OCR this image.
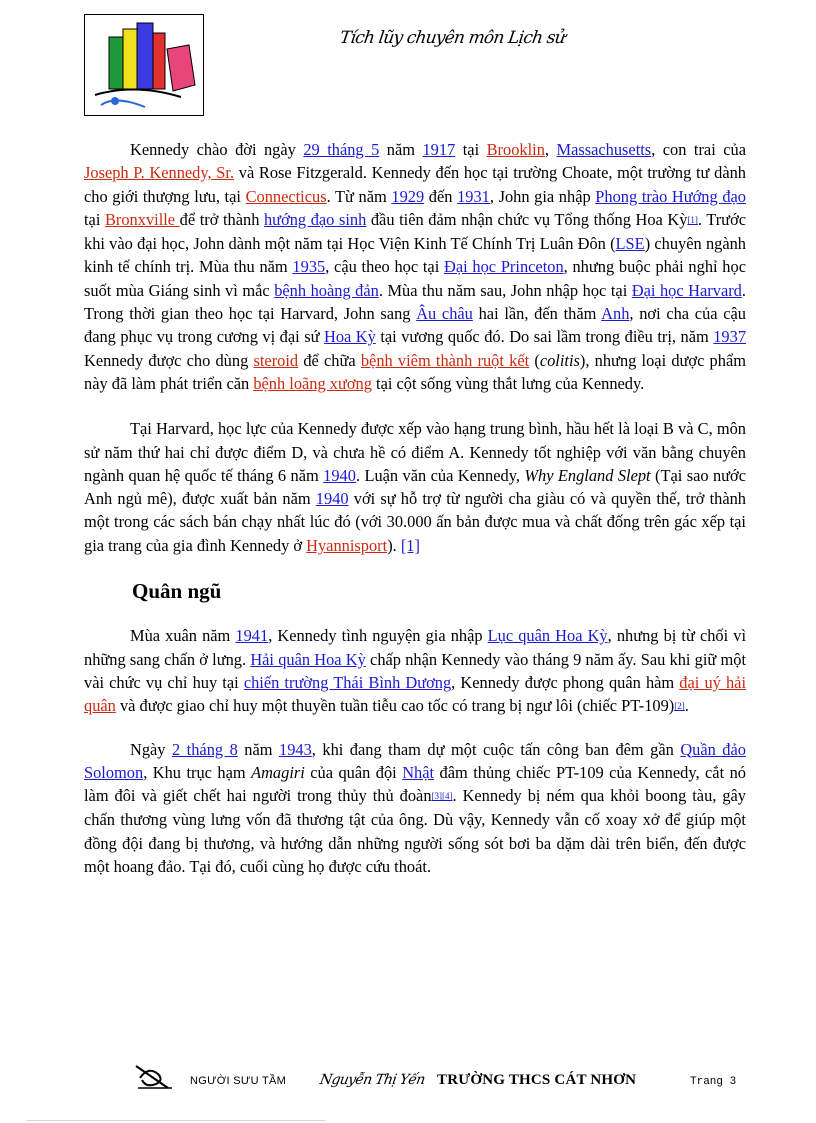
Tích lũy chuyên môn Lịch sử

Kennedy chào đời ngày 29 tháng 5 năm 1917 tại Brooklin, Massachusetts, con trai của Joseph P. Kennedy, Sr. và Rose Fitzgerald. Kennedy đến học tại trường Choate, một trường tư dành cho giới thượng lưu, tại Connecticus. Từ năm 1929 đến 1931, John gia nhập Phong trào Hướng đạo tại Bronxville để trở thành hướng đạo sinh đầu tiên đảm nhận chức vụ Tổng thống Hoa Kỳ[1]. Trước khi vào đại học, John dành một năm tại Học Viện Kinh Tế Chính Trị Luân Đôn (LSE) chuyên ngành kinh tế chính trị. Mùa thu năm 1935, cậu theo học tại Đại học Princeton, nhưng buộc phải nghỉ học suốt mùa Giáng sinh vì mắc bệnh hoàng đản. Mùa thu năm sau, John nhập học tại Đại học Harvard. Trong thời gian theo học tại Harvard, John sang Âu châu hai lần, đến thăm Anh, nơi cha của cậu đang phục vụ trong cương vị đại sứ Hoa Kỳ tại vương quốc đó. Do sai lầm trong điều trị, năm 1937 Kennedy được cho dùng steroid để chữa bệnh viêm thành ruột kết (colitis), nhưng loại dược phẩm này đã làm phát triển căn bệnh loãng xương tại cột sống vùng thắt lưng của Kennedy.

Tại Harvard, học lực của Kennedy được xếp vào hạng trung bình, hầu hết là loại B và C, môn sử năm thứ hai chỉ được điểm D, và chưa hề có điểm A. Kennedy tốt nghiệp với văn bằng chuyên ngành quan hệ quốc tế tháng 6 năm 1940. Luận văn của Kennedy, Why England Slept (Tại sao nước Anh ngủ mê), được xuất bản năm 1940 với sự hỗ trợ từ người cha giàu có và quyền thế, trở thành một trong các sách bán chạy nhất lúc đó (với 30.000 ấn bản được mua và chất đống trên gác xếp tại gia trang của gia đình Kennedy ở Hyannisport). [1]

Quân ngũ

Mùa xuân năm 1941, Kennedy tình nguyện gia nhập Lục quân Hoa Kỳ, nhưng bị từ chối vì những sang chấn ở lưng. Hải quân Hoa Kỳ chấp nhận Kennedy vào tháng 9 năm ấy. Sau khi giữ một vài chức vụ chỉ huy tại chiến trường Thái Bình Dương, Kennedy được phong quân hàm đại uý hải quân và được giao chỉ huy một thuyền tuần tiễu cao tốc có trang bị ngư lôi (chiếc PT-109)[2].

Ngày 2 tháng 8 năm 1943, khi đang tham dự một cuộc tấn công ban đêm gần Quần đảo Solomon, Khu trục hạm Amagiri của quân đội Nhật đâm thủng chiếc PT-109 của Kennedy, cắt nó làm đôi và giết chết hai người trong thủy thủ đoàn[3][4]. Kennedy bị ném qua khỏi boong tàu, gây chấn thương vùng lưng vốn đã thương tật của ông. Dù vậy, Kennedy vẫn cố xoay xở để giúp một đồng đội đang bị thương, và hướng dẫn những người sống sót bơi ba dặm dài trên biển, đến được một hoang đảo. Tại đó, cuối cùng họ được cứu thoát.

NGƯỜI SƯU TẦM Nguyễn Thị Yến TRƯỜNG THCS CÁT NHƠN	Trang 3
